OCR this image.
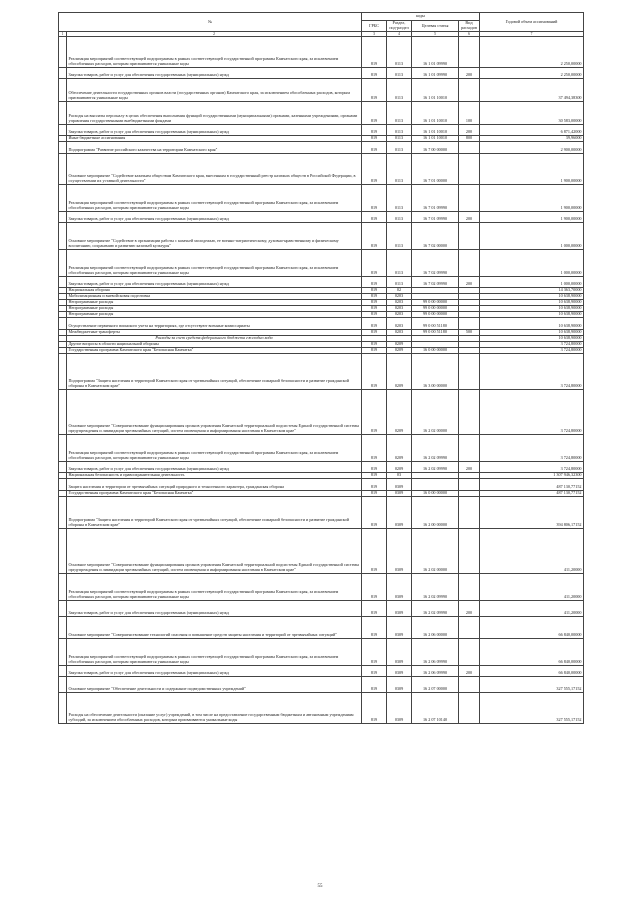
№		коды				Годовой объем ассигнований
		ГРБС	Раздел, под-раздел	Целевая статья	Вид расходов	
1	2	3	4	5	6	7
	Реализация мероприятий соответствующей подпрограммы в рамках соответствующей государственной программы Камчатского края, за исключением обособленных расходов, которым присваиваются уникальные коды	819	0113	16 1 01 09990		2 250,00000
	Закупка товаров, работ и услуг для обеспечения государственных (муниципальных) нужд	819	0113	16 1 01 09990	200	2 250,00000
	Обеспечение деятельности государственных органов власти (государственных органов) Камчатского края, за исключением обособленных расходов, которым присваиваются уникальные коды	819	0113	16 1 01 10010		37 494,38300
	Расходы на выплаты персоналу в целях обеспечения выполнения функций государственными (муниципальными) органами, казенными учреждениями, органами управления государственными внебюджетными фондами	819	0113	16 1 01 10010	100	30 583,00000
	Закупка товаров, работ и услуг для обеспечения государственных (муниципальных) нужд	819	0113	16 1 01 10010	200	6 871,42000
	Иные бюджетные ассигнования	819	0113	16 1 01 10010	800	39,96000
	Подпрограмма "Развитие российского казачества на территории Камчатского края"	819	0113	16 7 00 00000		2 900,00000
	Основное мероприятие "Содействие казачьим обществам Камчатского края, внесенным в государственный реестр казачьих обществ в Российской Федерации, в осуществлении их уставной деятельности"	819	0113	16 7 01 00000		1 900,00000
	Реализация мероприятий соответствующей подпрограммы в рамках соответствующей государственной программы Камчатского края, за исключением обособленных расходов, которым присваиваются уникальные коды	819	0113	16 7 01 09990		1 900,00000
	Закупка товаров, работ и услуг для обеспечения государственных (муниципальных) нужд	819	0113	16 7 01 09990	200	1 900,00000
	Основное мероприятие "Содействие в организации работы с казачьей молодежью, ее военно-патриотическому, духовно-нравственному и физическому воспитанию, сохранению и развитию казачьей культуры"	819	0113	16 7 02 00000		1 000,00000
	Реализация мероприятий соответствующей подпрограммы в рамках соответствующей государственной программы Камчатского края, за исключением обособленных расходов, которым присваиваются уникальные коды	819	0113	16 7 02 09990		1 000,00000
	Закупка товаров, работ и услуг для обеспечения государственных (муниципальных) нужд	819	0113	16 7 02 09990	200	1 000,00000
	Национальная оборона	819	02			14 363,70000
	Мобилизационная и вневойсковая подготовка	819	0203			10 638,90000
	Непрограммные расходы	819	0203	99 0 00 00000		10 638,90000
	Непрограммные расходы	819	0203	99 0 00 00000		10 638,90000
	Непрограммные расходы	819	0203	99 0 00 00000		10 638,90000
	Осуществление первичного воинского учета на территориях, где отсутствуют военные комиссариаты	819	0203	99 0 00 51180		10 638,90000
	Межбюджетные трансферты	819	0203	99 0 00 51180	500	10 638,90000
	Расходы за счет средств федерального бюджета ежегодно кода					10 638,90000
	Другие вопросы в области национальной обороны	819	0209			3 724,80000
	Государственная программа Камчатского края "Безопасная Камчатка"	819	0209	16 0 00 00000		3 724,80000
	Подпрограмма "Защита населения и территорий Камчатского края от чрезвычайных ситуаций, обеспечение пожарной безопасности и развитие гражданской обороны в Камчатском крае"	819	0209	16 3 00 00000		3 724,80000
	Основное мероприятие "Совершенствование функционирования органов управления Камчатской территориальной подсистемы Единой государственной системы предупреждения и ликвидации чрезвычайных ситуаций, систем оповещения и информирования населения в Камчатском крае"	819	0209	16 2 02 00000		3 724,80000
	Реализация мероприятий соответствующей подпрограммы в рамках соответствующей государственной программы Камчатского края, за исключением обособленных расходов, которым присваиваются уникальные коды	819	0209	16 2 02 09990		3 724,80000
	Закупка товаров, работ и услуг для обеспечения государственных (муниципальных) нужд	819	0209	16 2 02 09990	200	3 724,80000
	Национальная безопасность и правоохранительная деятельность	819	03			1 307 946,32300
	Защита населения и территории от чрезвычайных ситуаций природного и техногенного характера, гражданская оборона	819	0309			487 130,77152
	Государственная программа Камчатского края "Безопасная Камчатка"	819	0309	16 0 00 00000		487 130,77152
	Подпрограмма "Защита населения и территорий Камчатского края от чрезвычайных ситуаций, обеспечение пожарной безопасности и развитие гражданской обороны в Камчатском крае"	819	0309	16 2 00 00000		394 806,17152
	Основное мероприятие "Совершенствование функционирования органов управления Камчатской территориальной подсистемы Единой государственной системы предупреждения и ликвидации чрезвычайных ситуаций, систем оповещения и информирования населения в Камчатском крае"	819	0309	16 2 02 00000		411,20000
	Реализация мероприятий соответствующей подпрограммы в рамках соответствующей государственной программы Камчатского края, за исключением обособленных расходов, которым присваиваются уникальные коды	819	0309	16 2 02 09990		411,20000
	Закупка товаров, работ и услуг для обеспечения государственных (муниципальных) нужд	819	0309	16 2 02 09990	200	411,20000
	Основное мероприятие "Совершенствование технологий спасения и повышение средств защиты населения и территорий от чрезвычайных ситуаций"	819	0309	16 2 06 00000		66 840,00000
	Реализация мероприятий соответствующей подпрограммы в рамках соответствующей государственной программы Камчатского края, за исключением обособленных расходов, которым присваиваются уникальные коды	819	0309	16 2 06 09990		66 840,00000
	Закупка товаров, работ и услуг для обеспечения государственных (муниципальных) нужд	819	0309	16 2 06 09990	200	66 840,00000
	Основное мероприятие "Обеспечение деятельности и содержание подведомственных учреждений"	819	0309	16 2 07 00000		327 555,17152
	Расходы на обеспечение деятельности (оказание услуг) учреждений, в том числе на предоставление государственным бюджетным и автономным учреждениям субсидий, за исключением обособленных расходов, которым присваиваются уникальные коды	819	0309	16 2 07 10140		327 555,17152
55
